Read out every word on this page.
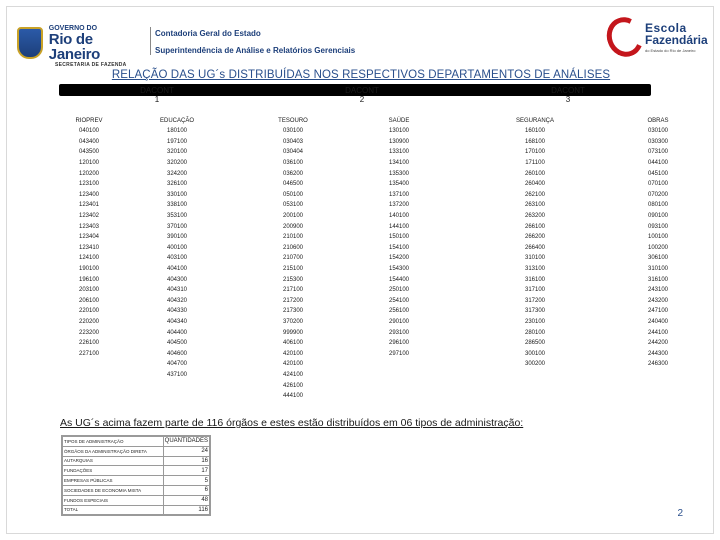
GOVERNO DO
Rio de Janeiro
SECRETARIA DE FAZENDA
Contadoria Geral do Estado
Superintendência de Análise e Relatórios Gerenciais
Escola
Fazendária
do Estado do Rio de Janeiro
RELAÇÃO DAS UG´s DISTRIBUÍDAS NOS RESPECTIVOS DEPARTAMENTOS DE ANÁLISES
DACONT
1
DACONT
2
DACONT
3
RIOPREV	EDUCAÇÃO	TESOURO	SAÚDE	SEGURANÇA	OBRAS
040100	180100	030100	130100	160100	030100
043400	197100	030403	130900	168100	030300
043500	320100	030404	133100	170100	073100
120100	320200	036100	134100	171100	044100
120200	324200	036200	135300	260100	045100
123100	326100	046500	135400	260400	070100
123400	330100	050100	137100	262100	070200
123401	338100	053100	137200	263100	080100
123402	353100	200100	140100	263200	090100
123403	370100	200900	144100	266100	093100
123404	390100	210100	150100	266200	100100
123410	400100	210600	154100	266400	100200
124100	403100	210700	154200	310100	306100
190100	404100	215100	154300	313100	310100
196100	404300	215300	154400	316100	316100
203100	404310	217100	250100	317100	243100
206100	404320	217200	254100	317200	243200
220100	404330	217300	256100	317300	247100
220200	404340	370200	290100	230100	240400
223200	404400	999900	293100	280100	244100
226100	404500	406100	296100	286500	244200
227100	404600	420100	297100	300100	244300
	404700	420100		300200	246300
	437100	424100			
		426100			
		444100			
As UG´s acima fazem parte de 116 órgãos e estes estão distribuídos em 06 tipos de administração:
TIPOS DE ADMINISTRAÇÃO	QUANTIDADES
ÓRGÃOS DA ADMINISTRAÇÃO DIRETA	24
AUTARQUIAS	16
FUNDAÇÕES	17
EMPRESAS PÚBLICAS	5
SOCIEDADES DE ECONOMIA MISTA	6
FUNDOS ESPECIAIS	48
TOTAL	116	2
